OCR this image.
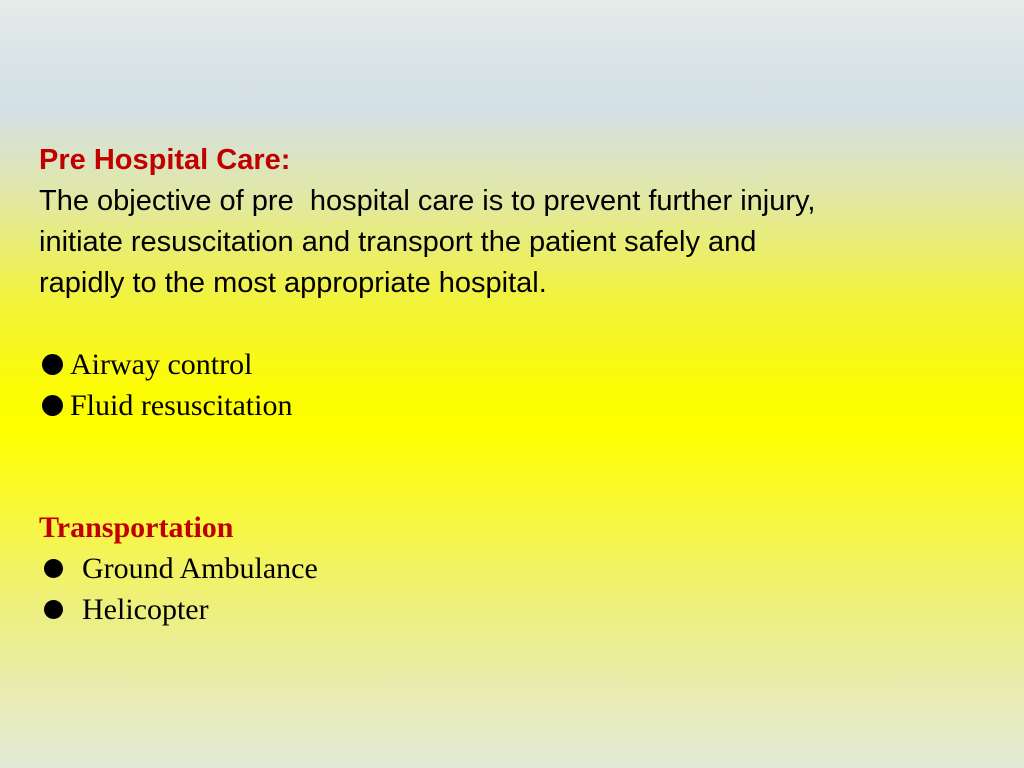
Pre Hospital Care:

The objective of pre  hospital care is to prevent further injury,
initiate resuscitation and transport the patient safely and
rapidly to the most appropriate hospital.

Airway control
Fluid resuscitation
Transportation
Ground Ambulance
Helicopter
